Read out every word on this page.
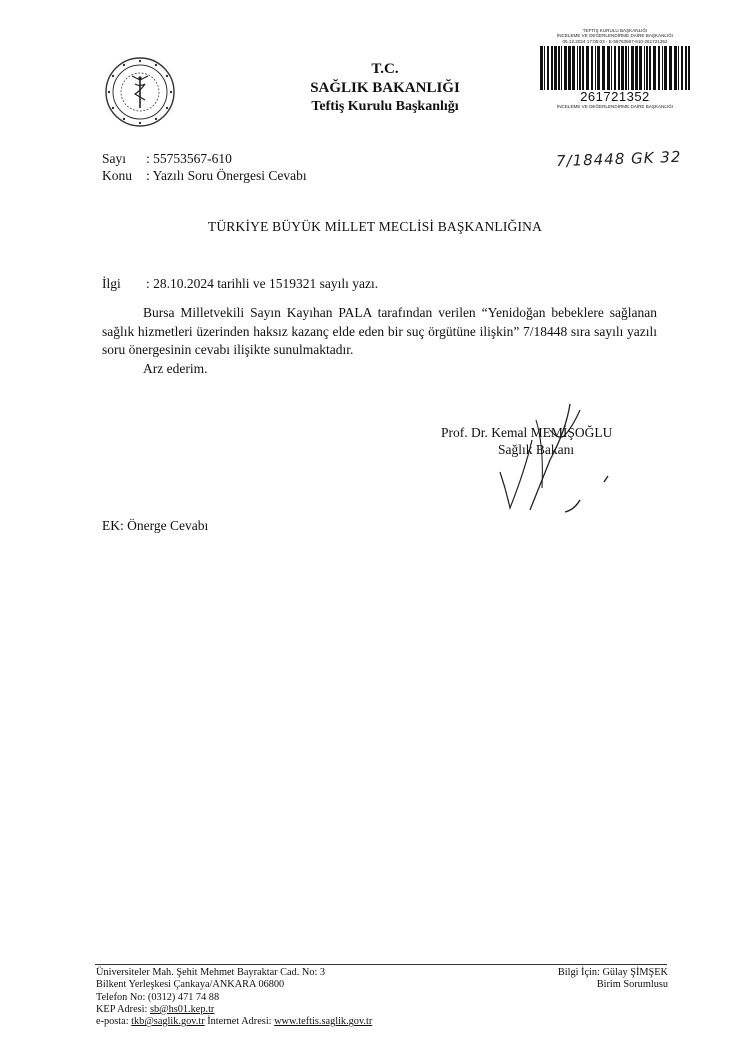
T.C.
SAĞLIK BAKANLIĞI
Teftiş Kurulu Başkanlığı
TEFTİŞ KURULU BAŞKANLIĞI
İNCELEME VE DEĞERLENDİRME DAİRE BAŞKANLIĞI
05.12.2024 17:05:03 - E-55753567-610-261721352
261721352
İNCELEME VE DEĞERLENDİRME DAİRE BAŞKANLIĞI
Sayı : 55753567-610
Konu : Yazılı Soru Önergesi Cevabı
7/18448 GK 32
TÜRKİYE BÜYÜK MİLLET MECLİSİ BAŞKANLIĞINA
İlgi : 28.10.2024 tarihli ve 1519321 sayılı yazı.

Bursa Milletvekili Sayın Kayıhan PALA tarafından verilen “Yenidoğan bebeklere sağlanan sağlık hizmetleri üzerinden haksız kazanç elde eden bir suç örgütüne ilişkin” 7/18448 sıra sayılı yazılı soru önergesinin cevabı ilişikte sunulmaktadır.

Arz ederim.

Prof. Dr. Kemal MEMİŞOĞLU
Sağlık Bakanı
EK: Önerge Cevabı
Üniversiteler Mah. Şehit Mehmet Bayraktar Cad. No: 3
Bilkent Yerleşkesi Çankaya/ANKARA 06800
Telefon No: (0312) 471 74 88
KEP Adresi: sb@hs01.kep.tr
e-posta: tkb@saglik.gov.tr İnternet Adresi: www.teftis.saglik.gov.tr
Bilgi İçin: Gülay ŞİMŞEK
Birim Sorumlusu
